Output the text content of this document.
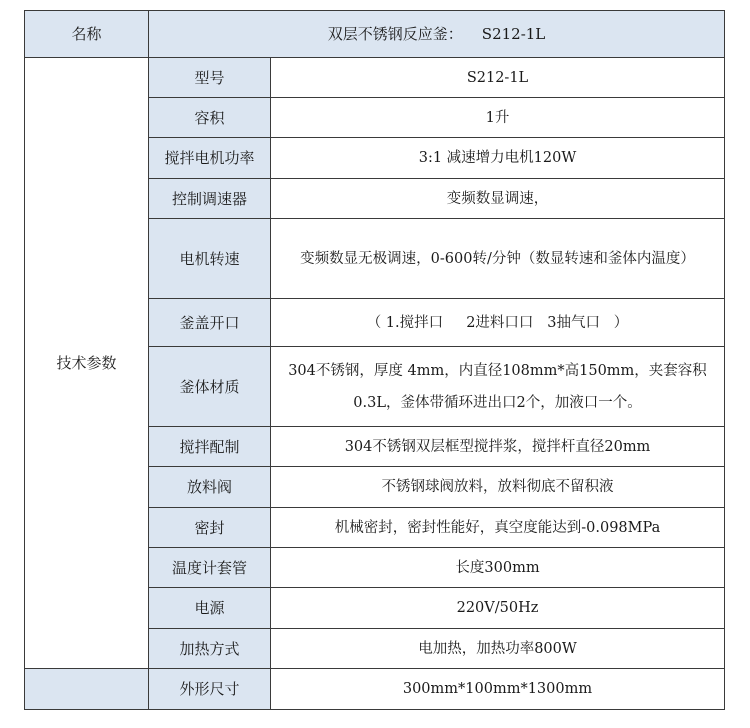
名称	双层不锈钢反应釜：    S212-1L	
技术参数	型号	S212-1L
	容积	1升
	搅拌电机功率	3:1 减速增力电机120W
	控制调速器	变频数显调速，
	电机转速	变频数显无极调速，0-600转/分钟（数显转速和釜体内温度）
	釜盖开口	（ 1.搅拌口     2进料口口   3抽气口   ）
	釜体材质	304不锈钢，厚度 4mm，内直径108mm*高150mm，夹套容积0.3L，釜体带循环进出口2个，加液口一个。
	搅拌配制	304不锈钢双层框型搅拌浆，搅拌杆直径20mm
	放料阀	不锈钢球阀放料，放料彻底不留积液
	密封	机械密封，密封性能好，真空度能达到-0.098MPa
	温度计套管	长度300mm
	电源	220V/50Hz
	加热方式	电加热，加热功率800W
	外形尺寸	300mm*100mm*1300mm
